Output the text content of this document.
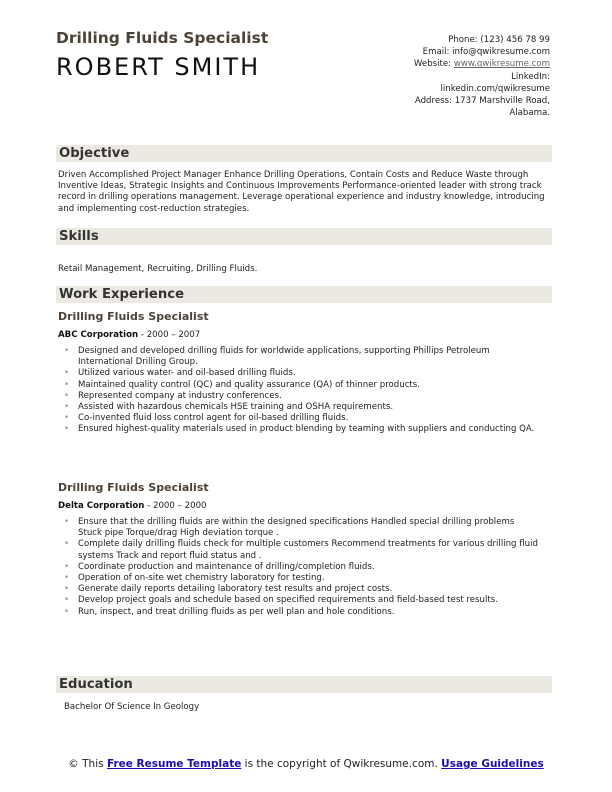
Drilling Fluids Specialist
ROBERT SMITH
Phone: (123) 456 78 99
Email: info@qwikresume.com
Website: www.qwikresume.com
LinkedIn:
linkedin.com/qwikresume
Address: 1737 Marshville Road, Alabama.
Objective
Driven Accomplished Project Manager Enhance Drilling Operations, Contain Costs and Reduce Waste through Inventive Ideas, Strategic Insights and Continuous Improvements Performance-oriented leader with strong track record in drilling operations management. Leverage operational experience and industry knowledge, introducing and implementing cost-reduction strategies.
Skills
Retail Management, Recruiting, Drilling Fluids.
Work Experience
Drilling Fluids Specialist
ABC Corporation - 2000 – 2007
• Designed and developed drilling fluids for worldwide applications, supporting Phillips Petroleum International Drilling Group.
• Utilized various water- and oil-based drilling fluids.
• Maintained quality control (QC) and quality assurance (QA) of thinner products.
• Represented company at industry conferences.
• Assisted with hazardous chemicals HSE training and OSHA requirements.
• Co-invented fluid loss control agent for oil-based drilling fluids.
• Ensured highest-quality materials used in product blending by teaming with suppliers and conducting QA.
Drilling Fluids Specialist
Delta Corporation - 2000 – 2000
• Ensure that the drilling fluids are within the designed specifications Handled special drilling problems Stuck pipe Torque/drag High deviation torque .
• Complete daily drilling fluids check for multiple customers Recommend treatments for various drilling fluid systems Track and report fluid status and .
• Coordinate production and maintenance of drilling/completion fluids.
• Operation of on-site wet chemistry laboratory for testing.
• Generate daily reports detailing laboratory test results and project costs.
• Develop project goals and schedule based on specified requirements and field-based test results.
• Run, inspect, and treat drilling fluids as per well plan and hole conditions.
Education
Bachelor Of Science In Geology
© This Free Resume Template is the copyright of Qwikresume.com. Usage Guidelines
